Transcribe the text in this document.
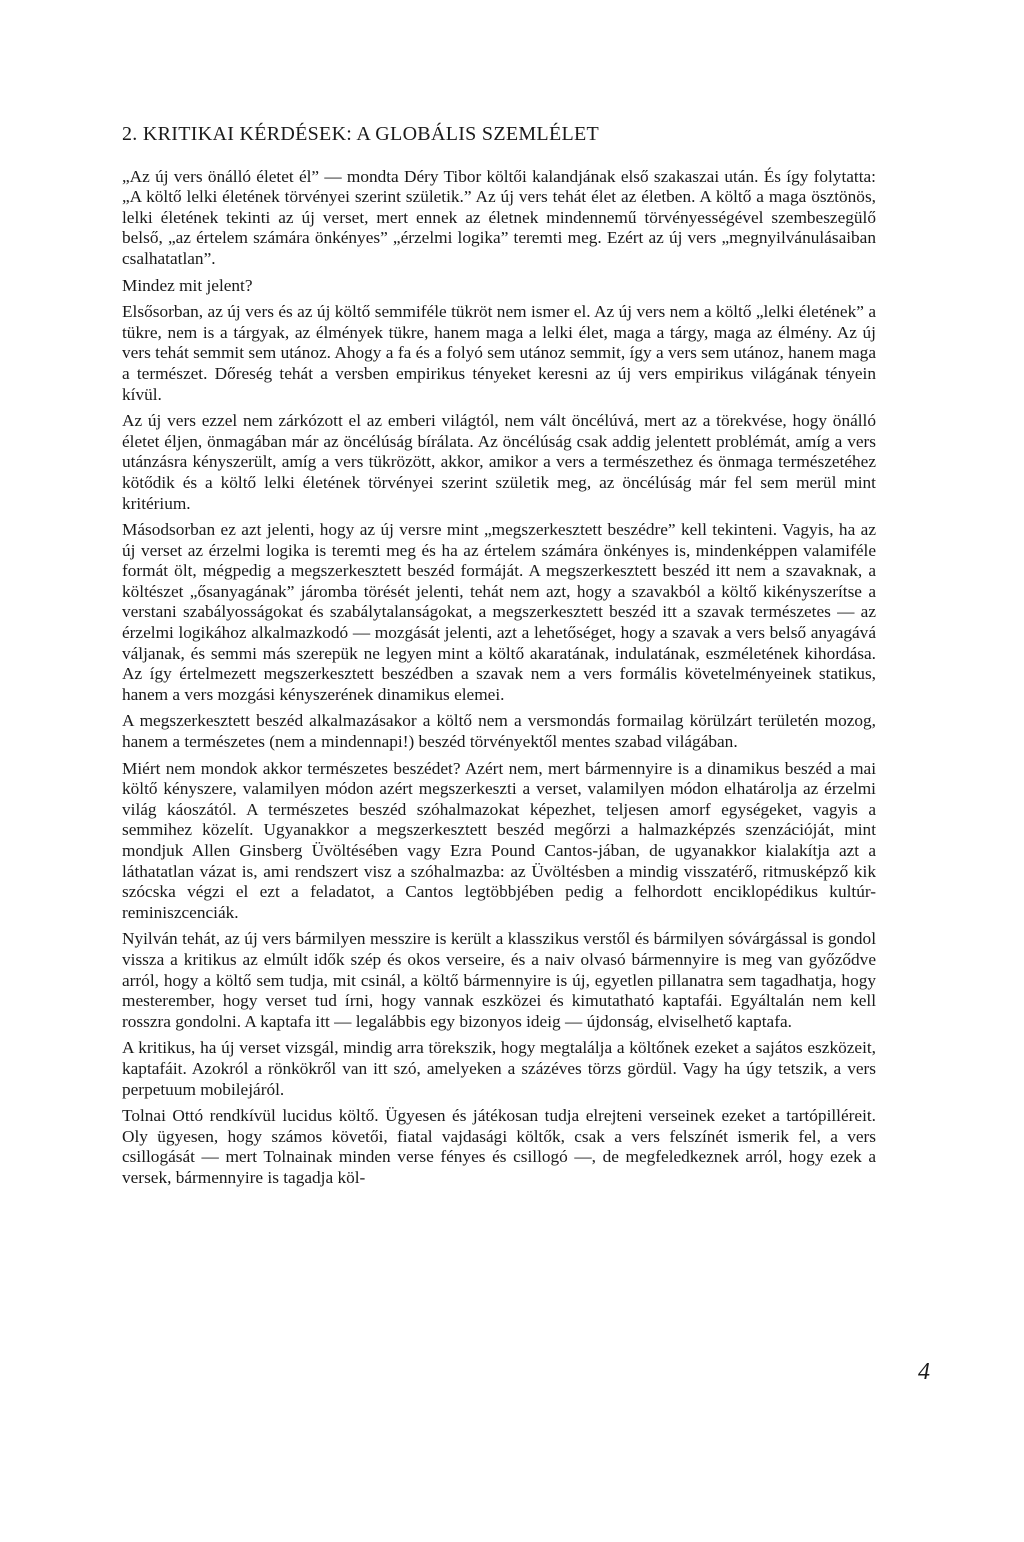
2. KRITIKAI KÉRDÉSEK: A GLOBÁLIS SZEMLÉLET

„Az új vers önálló életet él” — mondta Déry Tibor költői kalandjának első szakaszai után. És így folytatta: „A költő lelki életének törvényei szerint születik.” Az új vers tehát élet az életben. A költő a maga ösztönös, lelki életének tekinti az új verset, mert ennek az életnek mindennemű törvényességével szembeszegülő belső, „az értelem számára önkényes” „érzelmi logika” teremti meg. Ezért az új vers „megnyilvánulásaiban csalhatatlan”.

Mindez mit jelent?

Elsősorban, az új vers és az új költő semmiféle tükröt nem ismer el. Az új vers nem a költő „lelki életének” a tükre, nem is a tárgyak, az élmények tükre, hanem maga a lelki élet, maga a tárgy, maga az élmény. Az új vers tehát semmit sem utánoz. Ahogy a fa és a folyó sem utánoz semmit, így a vers sem utánoz, hanem maga a természet. Dőreség tehát a versben empirikus tényeket keresni az új vers empirikus világának tényein kívül.

Az új vers ezzel nem zárkózott el az emberi világtól, nem vált öncélúvá, mert az a törekvése, hogy önálló életet éljen, önmagában már az öncélúság bírálata. Az öncélúság csak addig jelentett problémát, amíg a vers utánzásra kényszerült, amíg a vers tükrözött, akkor, amikor a vers a természethez és önmaga természetéhez kötődik és a költő lelki életének törvényei szerint születik meg, az öncélúság már fel sem merül mint kritérium.

Másodsorban ez azt jelenti, hogy az új versre mint „megszerkesztett beszédre” kell tekinteni. Vagyis, ha az új verset az érzelmi logika is teremti meg és ha az értelem számára önkényes is, mindenképpen valamiféle formát ölt, mégpedig a megszerkesztett beszéd formáját. A megszerkesztett beszéd itt nem a szavaknak, a költészet „ősanyagának” járomba törését jelenti, tehát nem azt, hogy a szavakból a költő kikényszerítse a verstani szabályosságokat és szabálytalanságokat, a megszerkesztett beszéd itt a szavak természetes — az érzelmi logikához alkalmazkodó — mozgását jelenti, azt a lehetőséget, hogy a szavak a vers belső anyagává váljanak, és semmi más szerepük ne legyen mint a költő akaratának, indulatának, eszméletének kihordása. Az így értelmezett megszerkesztett beszédben a szavak nem a vers formális követelményeinek statikus, hanem a vers mozgási kényszerének dinamikus elemei.

A megszerkesztett beszéd alkalmazásakor a költő nem a versmondás formailag körülzárt területén mozog, hanem a természetes (nem a mindennapi!) beszéd törvényektől mentes szabad világában.

Miért nem mondok akkor természetes beszédet? Azért nem, mert bármennyire is a dinamikus beszéd a mai költő kényszere, valamilyen módon azért megszerkeszti a verset, valamilyen módon elhatárolja az érzelmi világ káoszától. A természetes beszéd szóhalmazokat képezhet, teljesen amorf egységeket, vagyis a semmihez közelít. Ugyanakkor a megszerkesztett beszéd megőrzi a halmazképzés szenzációját, mint mondjuk Allen Ginsberg Üvöltésében vagy Ezra Pound Cantos-jában, de ugyanakkor kialakítja azt a láthatatlan vázat is, ami rendszert visz a szóhalmazba: az Üvöltésben a mindig visszatérő, ritmusképző kik szócska végzi el ezt a feladatot, a Cantos legtöbbjében pedig a felhordott enciklopédikus kultúr-reminiszcenciák.

Nyilván tehát, az új vers bármilyen messzire is került a klasszikus verstől és bármilyen sóvárgással is gondol vissza a kritikus az elmúlt idők szép és okos verseire, és a naiv olvasó bármennyire is meg van győződve arról, hogy a költő sem tudja, mit csinál, a költő bármennyire is új, egyetlen pillanatra sem tagadhatja, hogy mesterember, hogy verset tud írni, hogy vannak eszközei és kimutatható kaptafái. Egyáltalán nem kell rosszra gondolni. A kaptafa itt — legalábbis egy bizonyos ideig — újdonság, elviselhető kaptafa.

A kritikus, ha új verset vizsgál, mindig arra törekszik, hogy megtalálja a költőnek ezeket a sajátos eszközeit, kaptafáit. Azokról a rönkökről van itt szó, amelyeken a százéves törzs gördül. Vagy ha úgy tetszik, a vers perpetuum mobilejáról.

Tolnai Ottó rendkívül lucidus költő. Ügyesen és játékosan tudja elrejteni verseinek ezeket a tartópilléreit. Oly ügyesen, hogy számos követői, fiatal vajdasági költők, csak a vers felszínét ismerik fel, a vers csillogását — mert Tolnainak minden verse fényes és csillogó —, de megfeledkeznek arról, hogy ezek a versek, bármennyire is tagadja köl-

4
